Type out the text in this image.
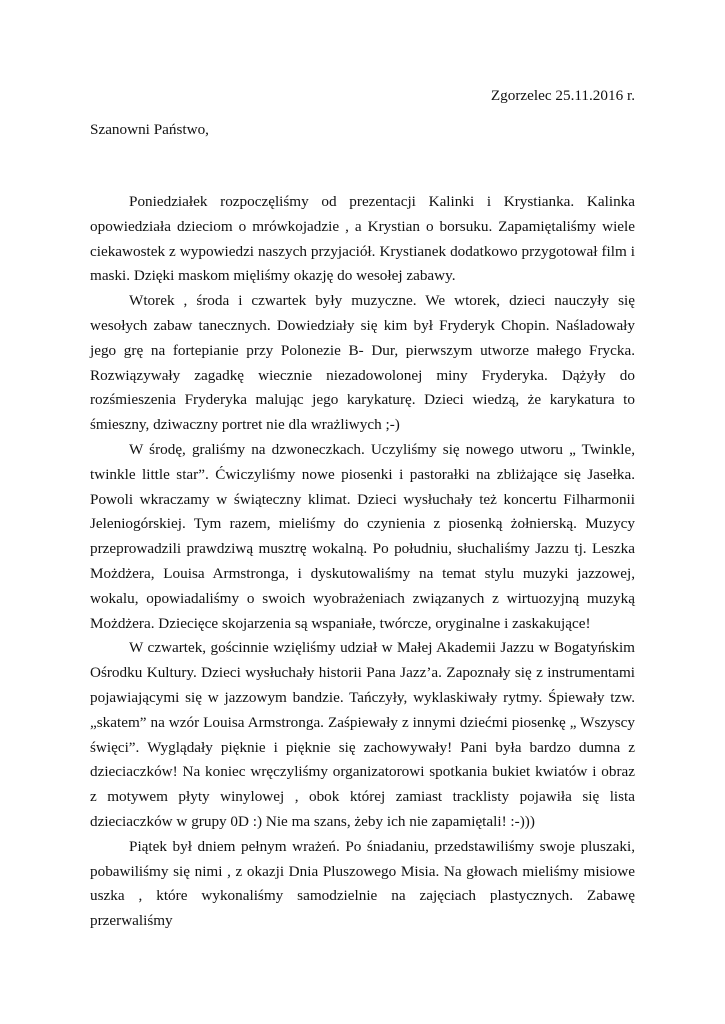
Zgorzelec 25.11.2016 r.
Szanowni Państwo,

Poniedziałek rozpoczęliśmy od prezentacji Kalinki i Krystianka. Kalinka opowiedziała dzieciom o mrówkojadzie , a Krystian o borsuku. Zapamiętaliśmy wiele ciekawostek z wypowiedzi naszych przyjaciół. Krystianek dodatkowo przygotował film i maski. Dzięki maskom mięliśmy okazję do wesołej zabawy.

Wtorek , środa i czwartek były muzyczne. We wtorek, dzieci nauczyły się wesołych zabaw tanecznych. Dowiedziały się kim był Fryderyk Chopin. Naśladowały jego grę na fortepianie przy Polonezie B- Dur, pierwszym utworze małego Frycka. Rozwiązywały zagadkę wiecznie niezadowolonej miny Fryderyka. Dążyły do rozśmieszenia Fryderyka malując jego karykaturę. Dzieci wiedzą, że karykatura to śmieszny, dziwaczny portret nie dla wrażliwych ;-)

W środę, graliśmy na dzwoneczkach. Uczyliśmy się nowego utworu „ Twinkle, twinkle little star”. Ćwiczyliśmy nowe piosenki i pastorałki na zbliżające się Jasełka. Powoli wkraczamy w świąteczny klimat. Dzieci wysłuchały też koncertu Filharmonii Jeleniogórskiej. Tym razem, mieliśmy do czynienia z piosenką żołnierską. Muzycy przeprowadzili prawdziwą musztrę wokalną. Po południu, słuchaliśmy Jazzu tj. Leszka Możdżera, Louisa Armstronga, i dyskutowaliśmy na temat stylu muzyki jazzowej, wokalu, opowiadaliśmy o swoich wyobrażeniach związanych z wirtuozyjną muzyką Możdżera. Dziecięce skojarzenia są wspaniałe, twórcze, oryginalne i zaskakujące!

W czwartek, gościnnie wzięliśmy udział w Małej Akademii Jazzu w Bogatyńskim Ośrodku Kultury. Dzieci wysłuchały historii Pana Jazz’a. Zapoznały się z instrumentami pojawiającymi się w jazzowym bandzie. Tańczyły, wyklaskiwały rytmy. Śpiewały tzw. „skatem” na wzór Louisa Armstronga. Zaśpiewały z innymi dziećmi piosenkę „ Wszyscy święci”. Wyglądały pięknie i pięknie się zachowywały! Pani była bardzo dumna z dzieciaczków! Na koniec wręczyliśmy organizatorowi spotkania bukiet kwiatów i obraz z motywem płyty winylowej , obok której zamiast tracklisty pojawiła się lista dzieciaczków w grupy 0D :) Nie ma szans, żeby ich nie zapamiętali! :-)))

Piątek był dniem pełnym wrażeń. Po śniadaniu, przedstawiliśmy swoje pluszaki, pobawiliśmy się nimi , z okazji Dnia Pluszowego Misia. Na głowach mieliśmy misiowe uszka , które wykonaliśmy samodzielnie na zajęciach plastycznych. Zabawę przerwaliśmy
